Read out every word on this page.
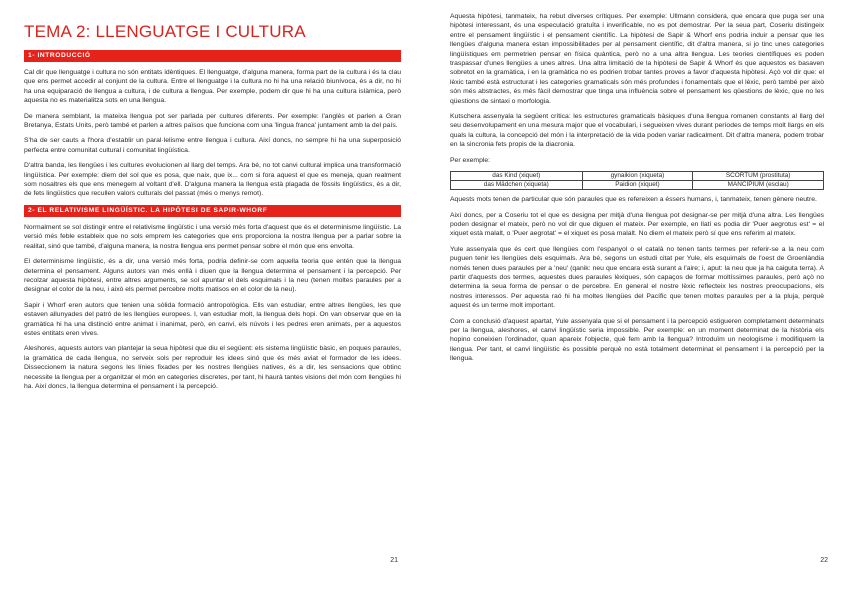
TEMA 2: LLENGUATGE I CULTURA
1- INTRODUCCIÓ

Cal dir que llenguatge i cultura no són entitats idèntiques. El llenguatge, d'alguna manera, forma part de la cultura i és la clau que ens permet accedir al conjunt de la cultura. Entre el llenguatge i la cultura no hi ha una relació biunívoca, és a dir, no hi ha una equiparació de llengua a cultura, i de cultura a llengua. Per exemple, podem dir que hi ha una cultura islàmica, però aquesta no es materialitza sots en una llengua.

De manera semblant, la mateixa llengua pot ser parlada per cultures diferents. Per exemple: l'anglès et parlen a Gran Bretanya, Estats Units, però també et parlen a altres països que funciona com una 'lingua franca' juntament amb la del país.

S'ha de ser cauts a l'hora d'establir un paral·lelisme entre llengua i cultura. Així doncs, no sempre hi ha una superposició perfecta entre comunitat cultural i comunitat lingüística.

D'altra banda, les llengües i les cultures evolucionen al llarg del temps. Ara bé, no tot canvi cultural implica una transformació lingüística. Per exemple: diem del sol que es posa, que naix, que ix... com si fora aquest el que es meneja, quan realment som nosaltres els que ens menegem al voltant d'ell. D'alguna manera la llengua està plagada de fòssils lingüístics, és a dir, de fets lingüístics que recullen valors culturals del passat (més o menys remot).

2- EL RELATIVISME LINGÜÍSTIC. LA HIPÒTESI DE SAPIR-WHORF

Normalment se sol distingir entre el relativisme lingüístic i una versió més forta d'aquest que és el determinisme lingüístic. La versió més feble estableix que no sols emprem les categories que ens proporciona la nostra llengua per a parlar sobre la realitat, sinó que també, d'alguna manera, la nostra llengua ens permet pensar sobre el món que ens envolta.

El determinisme lingüístic, és a dir, una versió més forta, podria definir-se com aquella teoria que entén que la llengua determina el pensament. Alguns autors van més enllà i diuen que la llengua determina el pensament i la percepció. Per recolzar aquesta hipòtesi, entre altres arguments, se sol apuntar el dels esquimals i la neu (tenen moltes paraules per a designar el color de la neu, i això els permet percebre molts matisos en el color de la neu).

Sapir i Whorf eren autors que tenien una sòlida formació antropològica. Ells van estudiar, entre altres llengües, les que estaven allunyades del patró de les llengües europees. I, van estudiar molt, la llengua dels hopi. On van observar que en la gramàtica hi ha una distinció entre animat i inanimat, però, en canvi, els núvols i les pedres eren animats, per a aquestos estes entitats eren vives.

Aleshores, aquests autors van plantejar la seua hipòtesi que diu el següent: els sistema lingüístic bàsic, en poques paraules, la gramàtica de cada llengua, no serveix sols per reproduir les idees sinó que és més aviat el formador de les idees. Disseccionem la natura segons les línies fixades per les nostres llengües natives, és a dir, les sensacions que obtinc necessite la llengua per a organitzar el món en categories discretes, per tant, hi haurà tantes visions del món com llengües hi ha. Així doncs, la llengua determina el pensament i la percepció.

21

Aquesta hipòtesi, tanmateix, ha rebut diverses crítiques. Per exemple: Ullmann considera, que encara que puga ser una hipòtesi interessant, és una especulació gratuïta i inverificable, no es pot demostrar. Per la seua part, Coseriu distingeix entre el pensament lingüístic i el pensament científic. La hipòtesi de Sapir & Whorf ens podria induir a pensar que les llengües d'alguna manera estan impossibilitades per al pensament científic, dit d'altra manera, si jo tinc unes categories lingüístiques em permetrien pensar en física quàntica, però no a una altra llengua. Les teories científiques es poden traspassar d'unes llengües a unes altres. Una altra limitació de la hipòtesi de Sapir & Whorf és que aquestos es basaven sobretot en la gramàtica, i en la gramàtica no es podrien trobar tantes proves a favor d'aquesta hipòtesi. Açò vol dir que: el lèxic també està estructurat i les categories gramaticals són més profundes i fonamentals que el lèxic, però també per això són més abstractes, és més fàcil demostrar que tinga una influència sobre el pensament les qüestions de lèxic, que no les qüestions de sintaxi o morfologia.

Kutschera assenyala la següent crítica: les estructures gramaticals bàsiques d'una llengua romanen constants al llarg del seu desenvolupament en una mesura major que el vocabulari, i segueixen vives durant períodes de temps molt llargs en els quals la cultura, la concepció del món i la interpretació de la vida poden variar radicalment. Dit d'altra manera, podem trobar en la sincronia fets propis de la diacronia.

Per exemple:

das Kind (xiquet)	gynaikion (xiqueta)	SCORTUM (prostituta)
das Mädchen (xiqueta)	Paidion (xiquet)	MANCIPIUM (esclau)

Aquests mots tenen de particular que són paraules que es refereixen a éssers humans, i, tanmateix, tenen gènere neutre.

Així doncs, per a Coseriu tot el que es designa per mitjà d'una llengua pot designar-se per mitjà d'una altra. Les llengües poden designar el mateix, però no vol dir que diguen el mateix. Per exemple, en llatí es podia dir 'Puer aegrotus est' = el xiquet està malalt, o 'Puer aegrotat' = el xiquet es posa malalt. No diem el mateix però sí que ens referim al mateix.

Yule assenyala que és cert que llengües com l'espanyol o el català no tenen tants termes per referir-se a la neu com puguen tenir les llengües dels esquimals. Ara bé, segons un estudi citat per Yule, els esquimals de l'oest de Groenlàndia només tenen dues paraules per a 'neu' (qanik: neu que encara està surant a l'aire; i, aput: la neu que ja ha caiguta terra). A partir d'aquests dos termes, aquestes dues paraules lèxiques, són capaços de formar moltíssimes paraules, però açò no determina la seua forma de pensar o de percebre. En general el nostre lèxic reflecteix les nostres preocupacions, els nostres interessos. Per aquesta raó hi ha moltes llengües del Pacífic que tenen moltes paraules per a la pluja, perquè aquest és un terme molt important.

Com a conclusió d'aquest apartat, Yule assenyala que si el pensament i la percepció estigueren completament determinats per la llengua, aleshores, el canvi lingüístic seria impossible. Per exemple: en un moment determinat de la història els hopino coneixien l'ordinador, quan apareix l'objecte, què fem amb la llengua? Introduïm un neologisme i modifiquem la llengua. Per tant, el canvi lingüístic és possible perquè no està totalment determinat el pensament i la percepció per la llengua.

22
